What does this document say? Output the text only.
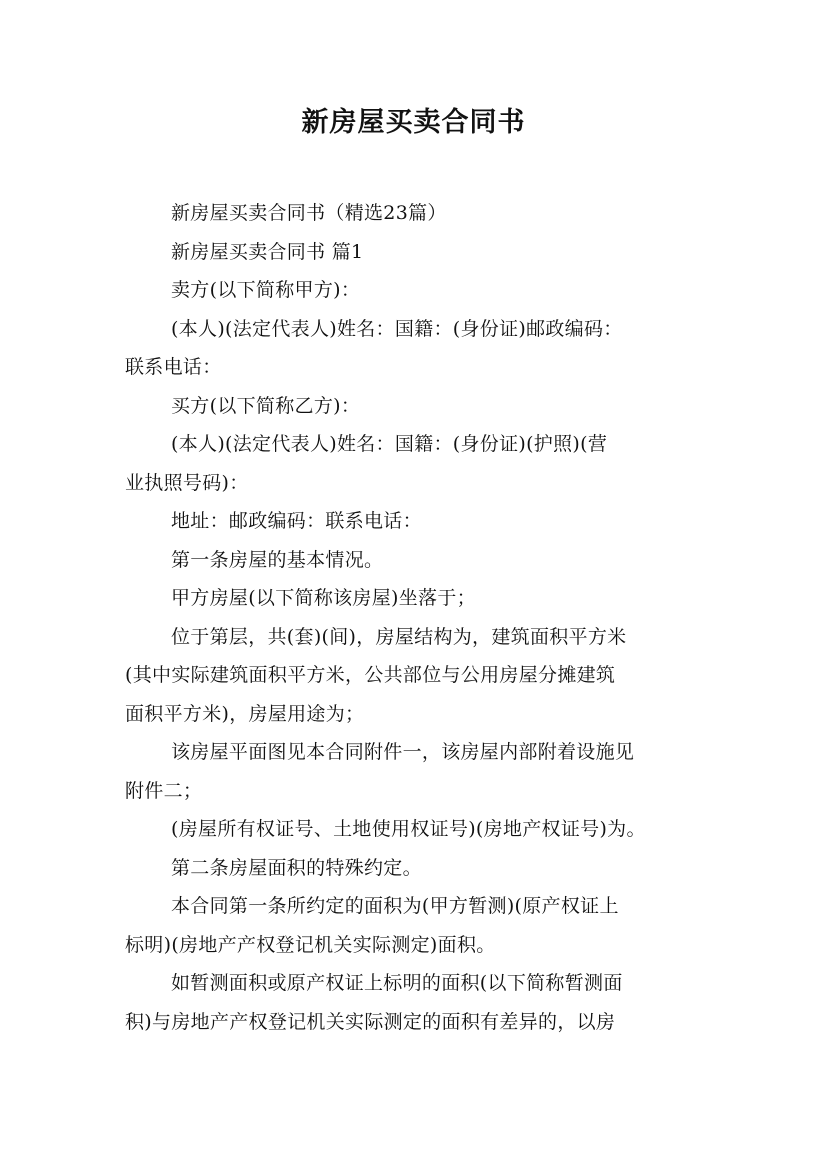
新房屋买卖合同书

新房屋买卖合同书（精选23篇）

新房屋买卖合同书 篇1

卖方(以下简称甲方)：

(本人)(法定代表人)姓名：国籍：(身份证)邮政编码：
联系电话：

买方(以下简称乙方)：

(本人)(法定代表人)姓名：国籍：(身份证)(护照)(营
业执照号码)：

地址：邮政编码：联系电话：

第一条房屋的基本情况。

甲方房屋(以下简称该房屋)坐落于；

位于第层，共(套)(间)，房屋结构为，建筑面积平方米
(其中实际建筑面积平方米，公共部位与公用房屋分摊建筑
面积平方米)，房屋用途为；

该房屋平面图见本合同附件一，该房屋内部附着设施见
附件二；

(房屋所有权证号、土地使用权证号)(房地产权证号)为。

第二条房屋面积的特殊约定。

本合同第一条所约定的面积为(甲方暂测)(原产权证上
标明)(房地产产权登记机关实际测定)面积。

如暂测面积或原产权证上标明的面积(以下简称暂测面
积)与房地产产权登记机关实际测定的面积有差异的，以房
